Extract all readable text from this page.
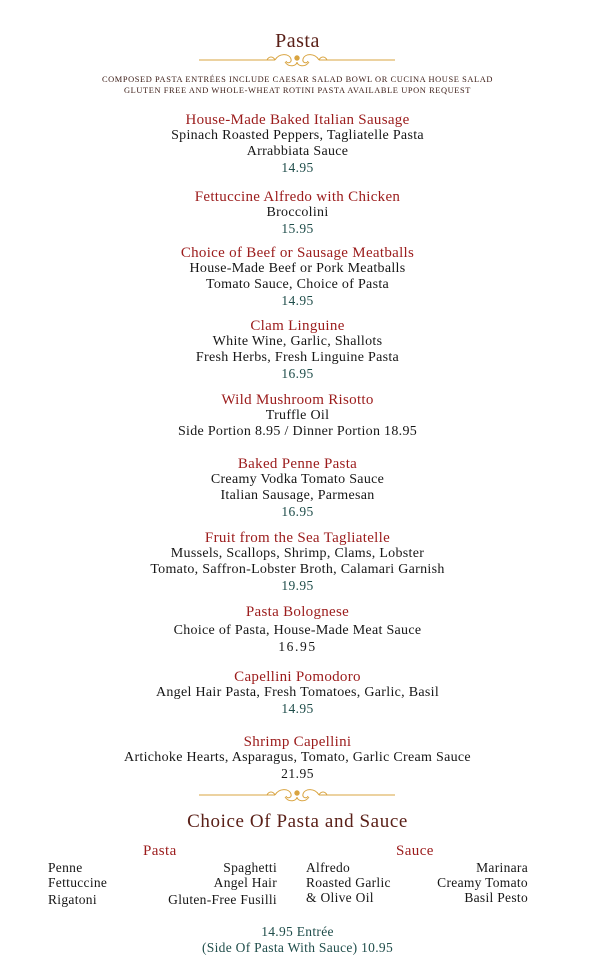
Pasta
COMPOSED PASTA ENTRÉES INCLUDE CAESAR SALAD BOWL OR CUCINA HOUSE SALAD
GLUTEN FREE AND WHOLE-WHEAT ROTINI PASTA AVAILABLE UPON REQUEST
House-Made Baked Italian Sausage
Spinach Roasted Peppers, Tagliatelle Pasta
Arrabbiata Sauce
14.95
Fettuccine Alfredo with Chicken
Broccolini
15.95
Choice of Beef or Sausage Meatballs
House-Made Beef or Pork Meatballs
Tomato Sauce, Choice of Pasta
14.95
Clam Linguine
White Wine, Garlic, Shallots
Fresh Herbs, Fresh Linguine Pasta
16.95
Wild Mushroom Risotto
Truffle Oil
Side Portion 8.95 / Dinner Portion 18.95
Baked Penne Pasta
Creamy Vodka Tomato Sauce
Italian Sausage, Parmesan
16.95
Fruit from the Sea Tagliatelle
Mussels, Scallops, Shrimp, Clams, Lobster
Tomato, Saffron-Lobster Broth, Calamari Garnish
19.95
Pasta Bolognese
Choice of Pasta, House-Made Meat Sauce
16.95
Capellini Pomodoro
Angel Hair Pasta, Fresh Tomatoes, Garlic, Basil
14.95
Shrimp Capellini
Artichoke Hearts, Asparagus, Tomato, Garlic Cream Sauce
21.95
Choice Of Pasta and Sauce
Pasta	Sauce
Penne
Fettuccine
Rigatoni
Spaghetti
Angel Hair
Gluten-Free Fusilli
Alfredo
Roasted Garlic
& Olive Oil
Marinara
Creamy Tomato
Basil Pesto
14.95 Entrée
(Side Of Pasta With Sauce) 10.95
